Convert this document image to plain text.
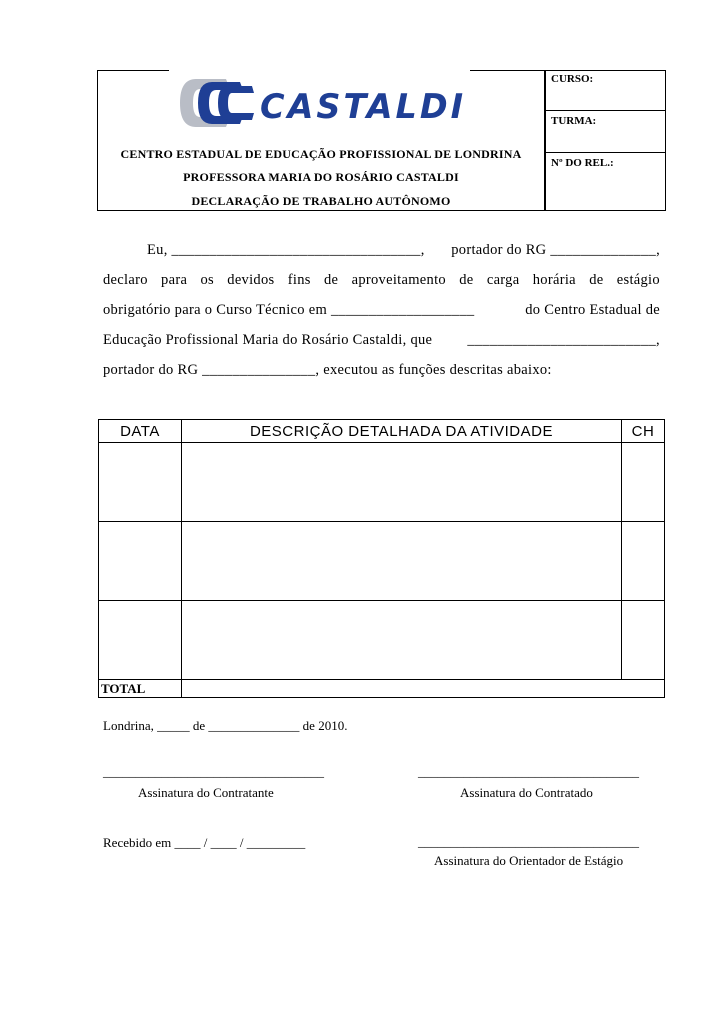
CURSO:
TURMA:
Nº DO REL.:
CASTALDI
CENTRO ESTADUAL DE EDUCAÇÃO PROFISSIONAL DE LONDRINA
PROFESSORA MARIA DO ROSÁRIO CASTALDI
DECLARAÇÃO DE TRABALHO AUTÔNOMO
Eu, _________________________________, portador do RG ______________,
declaro para os devidos fins de aproveitamento de carga horária de estágio
obrigatório para o Curso Técnico em ___________________	do Centro Estadual de
Educação Profissional Maria do Rosário Castaldi, que _________________________,
portador do RG _______________, executou as funções descritas abaixo:
DATA	DESCRIÇÃO DETALHADA DA ATIVIDADE	CH

TOTAL		
Londrina, _____ de ______________ de 2010.
__________________________________
Assinatura do Contratante
__________________________________
Assinatura do Contratado
Recebido em ____ / ____ / _________	__________________________________
Assinatura do Orientador de Estágio
